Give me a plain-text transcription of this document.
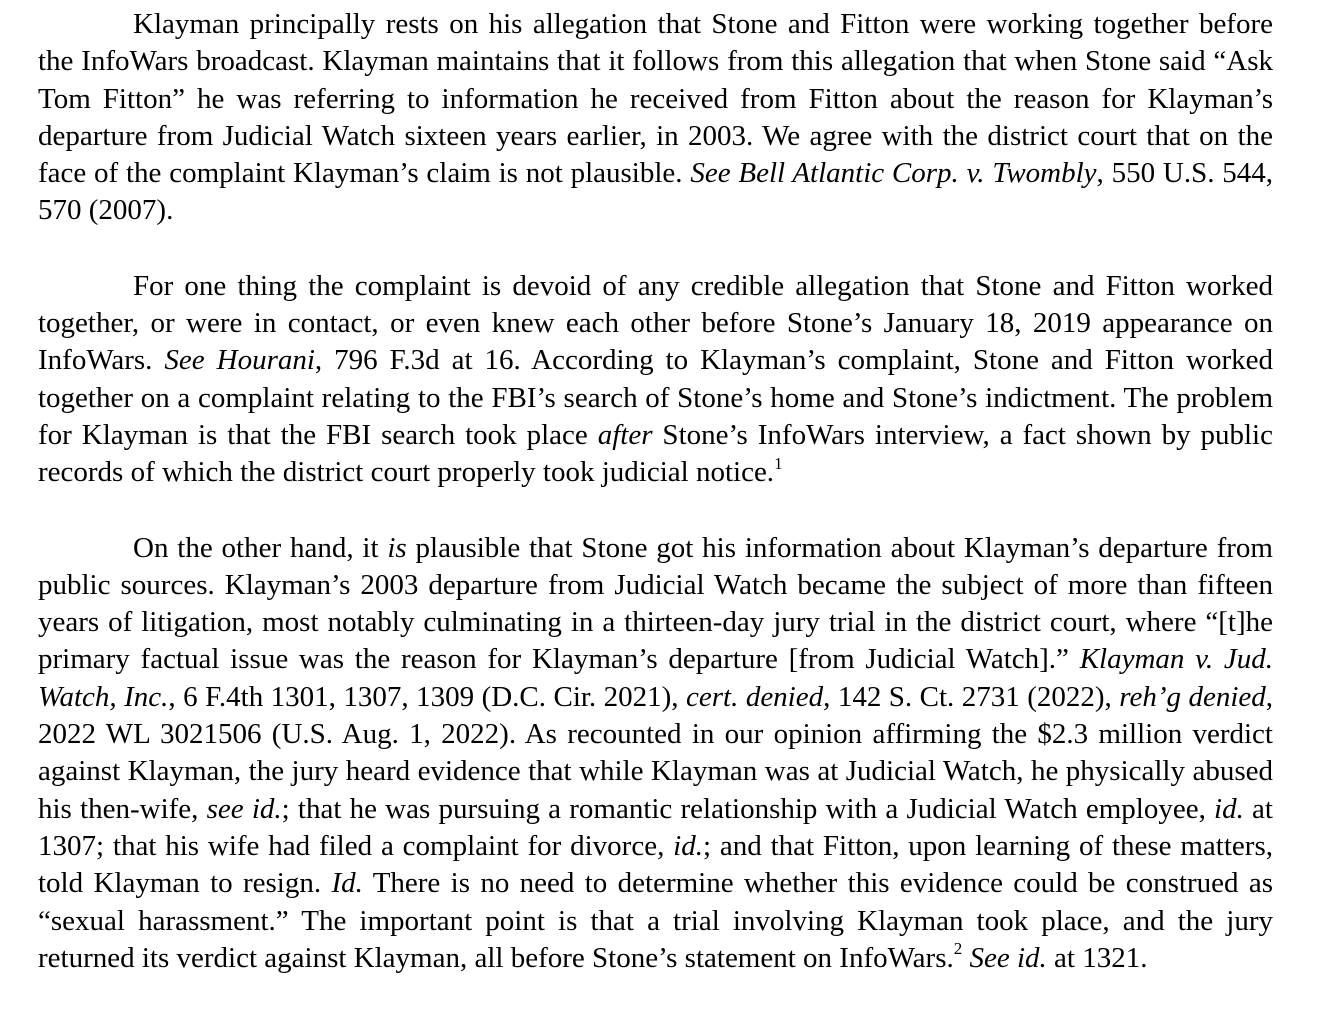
Klayman principally rests on his allegation that Stone and Fitton were working together before the InfoWars broadcast. Klayman maintains that it follows from this allegation that when Stone said “Ask Tom Fitton” he was referring to information he received from Fitton about the reason for Klayman’s departure from Judicial Watch sixteen years earlier, in 2003. We agree with the district court that on the face of the complaint Klayman’s claim is not plausible. See Bell Atlantic Corp. v. Twombly, 550 U.S. 544, 570 (2007).

For one thing the complaint is devoid of any credible allegation that Stone and Fitton worked together, or were in contact, or even knew each other before Stone’s January 18, 2019 appearance on InfoWars. See Hourani, 796 F.3d at 16. According to Klayman’s complaint, Stone and Fitton worked together on a complaint relating to the FBI’s search of Stone’s home and Stone’s indictment. The problem for Klayman is that the FBI search took place after Stone’s InfoWars interview, a fact shown by public records of which the district court properly took judicial notice.$^1$

On the other hand, it is plausible that Stone got his information about Klayman’s departure from public sources. Klayman’s 2003 departure from Judicial Watch became the subject of more than fifteen years of litigation, most notably culminating in a thirteen-day jury trial in the district court, where “[t]he primary factual issue was the reason for Klayman’s departure [from Judicial Watch].” Klayman v. Jud. Watch, Inc., 6 F.4th 1301, 1307, 1309 (D.C. Cir. 2021), cert. denied, 142 S. Ct. 2731 (2022), reh’g denied, 2022 WL 3021506 (U.S. Aug. 1, 2022). As recounted in our opinion affirming the $2.3 million verdict against Klayman, the jury heard evidence that while Klayman was at Judicial Watch, he physically abused his then-wife, see id.; that he was pursuing a romantic relationship with a Judicial Watch employee, id. at 1307; that his wife had filed a complaint for divorce, id.; and that Fitton, upon learning of these matters, told Klayman to resign. Id. There is no need to determine whether this evidence could be construed as “sexual harassment.” The important point is that a trial involving Klayman took place, and the jury returned its verdict against Klayman, all before Stone’s statement on InfoWars.$^2$ See id. at 1321.
